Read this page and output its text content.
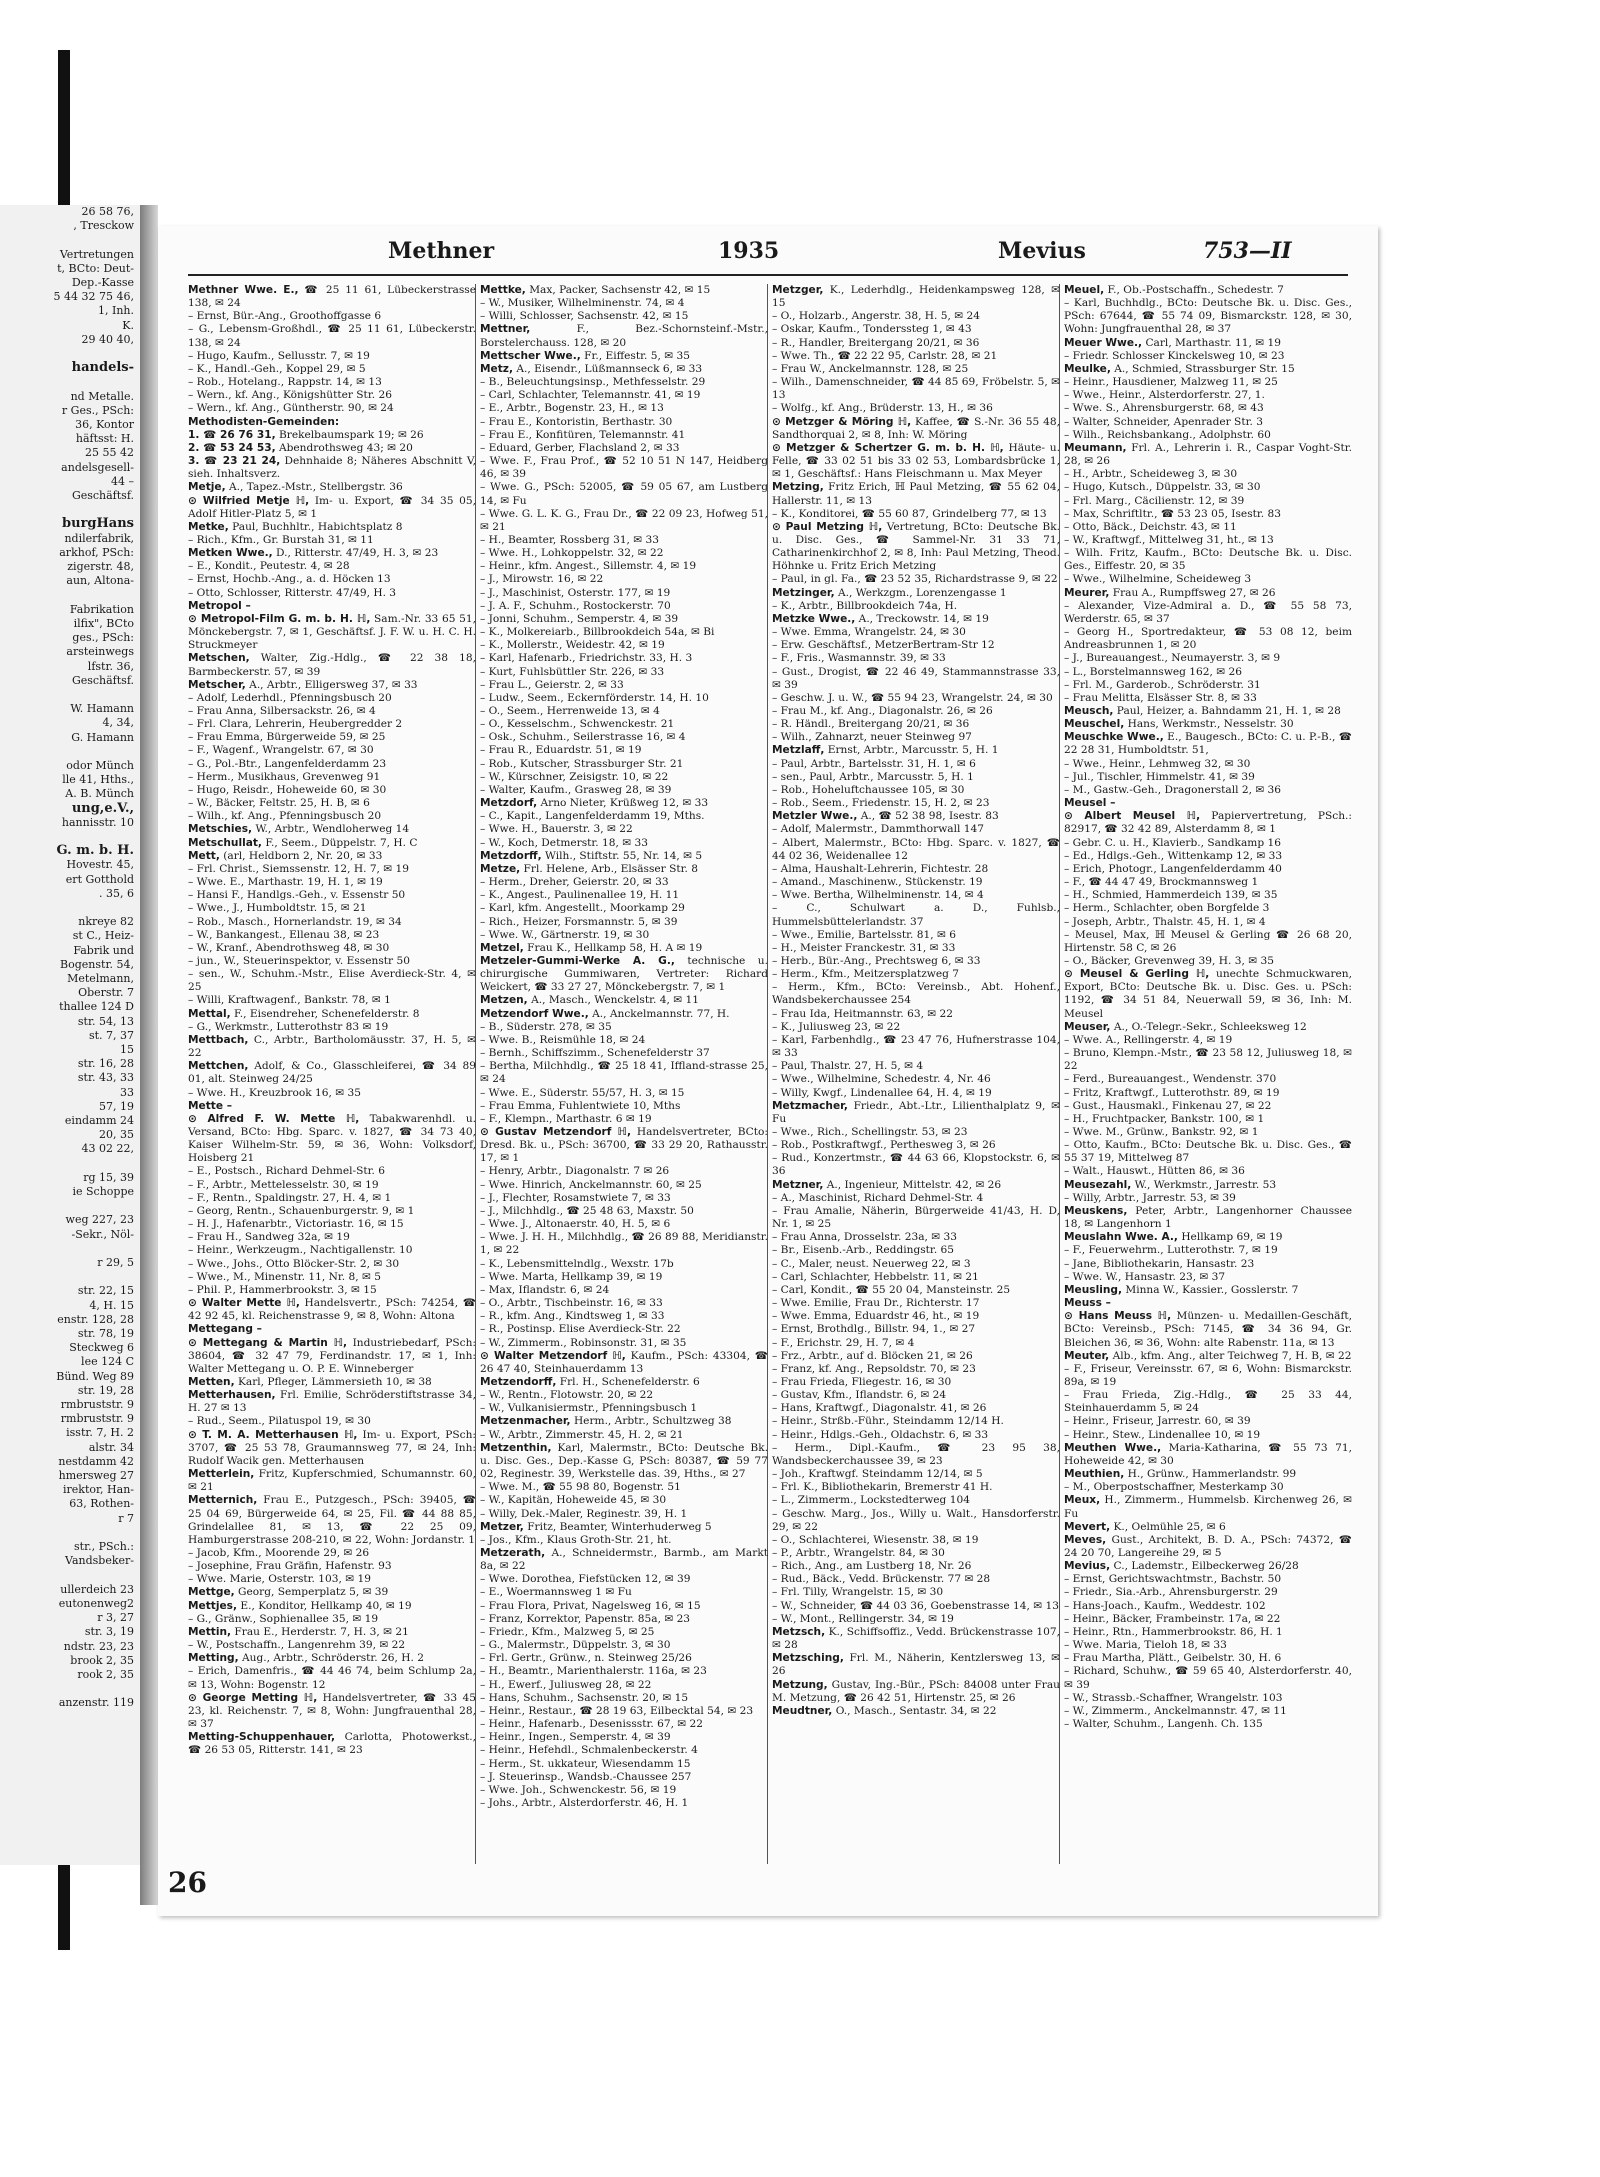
26 58 76,
, Tresckow

Vertretungen
t, BCto: Deut-
Dep.-Kasse
5 44 32 75 46,
1, Inh.
K.
29 40 40,

handels-

nd Metalle.
r Ges., PSch:
36, Kontor
häftsst: H.
25 55 42
andelsgesell-
44 –
Geschäftsf.

burgHans
ndilerfabrik,
arkhof, PSch:
zigerstr. 48,
aun, Altona-

Fabrikation
ilfix", BCto
ges., PSch:
arsteinwegs
lfstr. 36,
Geschäftsf.

W. Hamann
4, 34,
G. Hamann

odor Münch
lle 41, Hths.,
A. B. Münch
ung,e.V.,
hannisstr. 10

G. m. b. H.
Hovestr. 45,
ert Gotthold
. 35, 6

nkreye 82
st C., Heiz-
Fabrik und
Bogenstr. 54,
Metelmann,
Oberstr. 7
thallee 124 D
str. 54, 13
st. 7, 37
15
str. 16, 28
str. 43, 33
33
57, 19
eindamm 24
20, 35
43 02 22,

rg 15, 39
ie Schoppe

weg 227, 23
-Sekr., Nöl-

r 29, 5

str. 22, 15
4, H. 15
enstr. 128, 28
str. 78, 19
Steckweg 6
lee 124 C
Bünd. Weg 89
str. 19, 28
rmbruststr. 9
rmbruststr. 9
isstr. 7, H. 2
alstr. 34
nestdamm 42
hmersweg 27
irektor, Han-
63, Rothen-
r 7

str., PSch.:
Vandsbeker-

ullerdeich 23
eutonenweg2
r 3, 27
str. 3, 19
ndstr. 23, 23
brook 2, 35
rook 2, 35

anzenstr. 119
Methner	1935	Mevius	753—II

Methner Wwe. E., ☎ 25 11 61, Lübeckerstrasse 138, ✉ 24

– Ernst, Bür.-Ang., Groothoffgasse 6

– G., Lebensm-Großhdl., ☎ 25 11 61, Lübeckerstr. 138, ✉ 24

– Hugo, Kaufm., Sellusstr. 7, ✉ 19

– K., Handl.-Geh., Koppel 29, ✉ 5

– Rob., Hotelang., Rappstr. 14, ✉ 13

– Wern., kf. Ang., Königshütter Str. 26

– Wern., kf. Ang., Güntherstr. 90, ✉ 24

Methodisten-Gemeinden:

1. ☎ 26 76 31, Brekelbaumspark 19; ✉ 26

2. ☎ 53 24 53, Abendrothsweg 43; ✉ 20

3. ☎ 23 21 24, Dehnhaide 8; Näheres Abschnitt V, sieh. Inhaltsverz.

Metje, A., Tapez.-Mstr., Stellbergstr. 36

⊙ Wilfried Metje ℍ, Im- u. Export, ☎ 34 35 05, Adolf Hitler-Platz 5, ✉ 1

Metke, Paul, Buchhltr., Habichtsplatz 8

– Rich., Kfm., Gr. Burstah 31, ✉ 11

Metken Wwe., D., Ritterstr. 47/49, H. 3, ✉ 23

– E., Kondit., Peutestr. 4, ✉ 28

– Ernst, Hochb.-Ang., a. d. Höcken 13

– Otto, Schlosser, Ritterstr. 47/49, H. 3

Metropol –

⊙ Metropol-Film G. m. b. H. ℍ, Sam.-Nr. 33 65 51, Mönckebergstr. 7, ✉ 1, Geschäftsf. J. F. W. u. H. C. H. Struckmeyer

Metschen, Walter, Zig.-Hdlg., ☎ 22 38 18, Barmbeckerstr. 57, ✉ 39

Metscher, A., Arbtr., Elligersweg 37, ✉ 33

– Adolf, Lederhdl., Pfenningsbusch 20

– Frau Anna, Silbersackstr. 26, ✉ 4

– Frl. Clara, Lehrerin, Heubergredder 2

– Frau Emma, Bürgerweide 59, ✉ 25

– F., Wagenf., Wrangelstr. 67, ✉ 30

– G., Pol.-Btr., Langenfelderdamm 23

– Herm., Musikhaus, Grevenweg 91

– Hugo, Reisdr., Hoheweide 60, ✉ 30

– W., Bäcker, Feltstr. 25, H. B, ✉ 6

– Wilh., kf. Ang., Pfenningsbusch 20

Metschies, W., Arbtr., Wendloherweg 14

Metschullat, F., Seem., Düppelstr. 7, H. C

Mett, (arl, Heldborn 2, Nr. 20, ✉ 33

– Frl. Christ., Siemssenstr. 12, H. 7, ✉ 19

– Wwe. E., Marthastr. 19, H. 1, ✉ 19

– Hansi F., Handlgs.-Geh., v. Essenstr 50

– Wwe., J., Humboldtstr. 15, ✉ 21

– Rob., Masch., Hornerlandstr. 19, ✉ 34

– W., Bankangest., Ellenau 38, ✉ 23

– W., Kranf., Abendrothsweg 48, ✉ 30

– jun., W., Steuerinspektor, v. Essenstr 50

– sen., W., Schuhm.-Mstr., Elise Averdieck-Str. 4, ✉ 25

– Willi, Kraftwagenf., Bankstr. 78, ✉ 1

Mettal, F., Eisendreher, Schenefelderstr. 8

– G., Werkmstr., Lutterothstr 83 ✉ 19

Mettbach, C., Arbtr., Bartholomäusstr. 37, H. 5, ✉ 22

Mettchen, Adolf, & Co., Glasschleiferei, ☎ 34 89 01, alt. Steinweg 24/25

– Wwe. H., Kreuzbrook 16, ✉ 35

Mette –

⊙ Alfred F. W. Mette ℍ, Tabakwarenhdl. u. Versand, BCto: Hbg. Sparc. v. 1827, ☎ 34 73 40, Kaiser Wilhelm-Str. 59, ✉ 36, Wohn: Volksdorf, Hoisberg 21

– E., Postsch., Richard Dehmel-Str. 6

– F., Arbtr., Mettelesselstr. 30, ✉ 19

– F., Rentn., Spaldingstr. 27, H. 4, ✉ 1

– Georg, Rentn., Schauenburgerstr. 9, ✉ 1

– H. J., Hafenarbtr., Victoriastr. 16, ✉ 15

– Frau H., Sandweg 32a, ✉ 19

– Heinr., Werkzeugm., Nachtigallenstr. 10

– Wwe., Johs., Otto Blöcker-Str. 2, ✉ 30

– Wwe., M., Minenstr. 11, Nr. 8, ✉ 5

– Phil. P., Hammerbrookstr. 3, ✉ 15

⊙ Walter Mette ℍ, Handelsvertr., PSch: 74254, ☎ 42 92 45, kl. Reichenstrasse 9, ✉ 8, Wohn: Altona

Mettegang –

⊙ Mettegang & Martin ℍ, Industriebedarf, PSch: 38604, ☎ 32 47 79, Ferdinandstr. 17, ✉ 1, Inh: Walter Mettegang u. O. P. E. Winneberger

Metten, Karl, Pfleger, Lämmersieth 10, ✉ 38

Metterhausen, Frl. Emilie, Schröderstiftstrasse 34, H. 27 ✉ 13

– Rud., Seem., Pilatuspol 19, ✉ 30

⊙ T. M. A. Metterhausen ℍ, Im- u. Export, PSch: 3707, ☎ 25 53 78, Graumannsweg 77, ✉ 24, Inh: Rudolf Wacik gen. Metterhausen

Metterlein, Fritz, Kupferschmied, Schumannstr. 60, ✉ 21

Metternich, Frau E., Putzgesch., PSch: 39405, ☎ 25 04 69, Bürgerweide 64, ✉ 25, Fil. ☎ 44 88 85, Grindelallee 81, ✉ 13, ☎ 22 25 09, Hamburgerstrasse 208-210, ✉ 22, Wohn: Jordanstr. 1

– Jacob, Kfm., Moorende 29, ✉ 26

– Josephine, Frau Gräfin, Hafenstr. 93

– Wwe. Marie, Osterstr. 103, ✉ 19

Mettge, Georg, Semperplatz 5, ✉ 39

Mettjes, E., Konditor, Hellkamp 40, ✉ 19

– G., Gränw., Sophienallee 35, ✉ 19

Mettin, Frau E., Herderstr. 7, H. 3, ✉ 21

– W., Postschaffn., Langenrehm 39, ✉ 22

Metting, Aug., Arbtr., Schröderstr. 26, H. 2

– Erich, Damenfris., ☎ 44 46 74, beim Schlump 2a, ✉ 13, Wohn: Bogenstr. 12

⊙ George Metting ℍ, Handelsvertreter, ☎ 33 45 23, kl. Reichenstr. 7, ✉ 8, Wohn: Jungfrauenthal 28, ✉ 37

Metting-Schuppenhauer, Carlotta, Photowerkst., ☎ 26 53 05, Ritterstr. 141, ✉ 23

Mettke, Max, Packer, Sachsenstr 42, ✉ 15

– W., Musiker, Wilhelminenstr. 74, ✉ 4

– Willi, Schlosser, Sachsenstr. 42, ✉ 15

Mettner, F., Bez.-Schornsteinf.-Mstr., Borstelerchauss. 128, ✉ 20

Mettscher Wwe., Fr., Eiffestr. 5, ✉ 35

Metz, A., Eisendr., Lüßmannseck 6, ✉ 33

– B., Beleuchtungsinsp., Methfesselstr. 29

– Carl, Schlachter, Telemannstr. 41, ✉ 19

– E., Arbtr., Bogenstr. 23, H., ✉ 13

– Frau E., Kontoristin, Berthastr. 30

– Frau E., Konfitüren, Telemannstr. 41

– Eduard, Gerber, Flachsland 2, ✉ 33

– Wwe. F., Frau Prof., ☎ 52 10 51 N 147, Heidberg 46, ✉ 39

– Wwe. G., PSch: 52005, ☎ 59 05 67, am Lustberg 14, ✉ Fu

– Wwe. G. L. K. G., Frau Dr., ☎ 22 09 23, Hofweg 51, ✉ 21

– H., Beamter, Rossberg 31, ✉ 33

– Wwe. H., Lohkoppelstr. 32, ✉ 22

– Heinr., kfm. Angest., Sillemstr. 4, ✉ 19

– J., Mirowstr. 16, ✉ 22

– J., Maschinist, Osterstr. 177, ✉ 19

– J. A. F., Schuhm., Rostockerstr. 70

– Jonni, Schuhm., Semperstr. 4, ✉ 39

– K., Molkereiarb., Billbrookdeich 54a, ✉ Bi

– K., Mollerstr., Weidestr. 42, ✉ 19

– Karl, Hafenarb., Friedrichstr. 33, H. 3

– Kurt, Fuhlsbüttler Str. 226, ✉ 33

– Frau L., Geierstr. 2, ✉ 33

– Ludw., Seem., Eckernförderstr. 14, H. 10

– O., Seem., Herrenweide 13, ✉ 4

– O., Kesselschm., Schwenckestr. 21

– Osk., Schuhm., Seilerstrasse 16, ✉ 4

– Frau R., Eduardstr. 51, ✉ 19

– Rob., Kutscher, Strassburger Str. 21

– W., Kürschner, Zeisigstr. 10, ✉ 22

– Walter, Kaufm., Grasweg 28, ✉ 39

Metzdorf, Arno Nieter, Krüßweg 12, ✉ 33

– C., Kapit., Langenfelderdamm 19, Mths.

– Wwe. H., Bauerstr. 3, ✉ 22

– W., Koch, Detmerstr. 18, ✉ 33

Metzdorff, Wilh., Stiftstr. 55, Nr. 14, ✉ 5

Metze, Frl. Helene, Arb., Elsässer Str. 8

– Herm., Dreher, Geierstr. 20, ✉ 33

– K., Angest., Paulinenallee 19, H. 11

– Karl, kfm. Angestellt., Moorkamp 29

– Rich., Heizer, Forsmannstr. 5, ✉ 39

– Wwe. W., Gärtnerstr. 19, ✉ 30

Metzel, Frau K., Hellkamp 58, H. A ✉ 19

Metzeler-Gummi-Werke A. G., technische u. chirurgische Gummiwaren, Vertreter: Richard Weickert, ☎ 33 27 27, Mönckebergstr. 7, ✉ 1

Metzen, A., Masch., Wenckelstr. 4, ✉ 11

Metzendorf Wwe., A., Anckelmannstr. 77, H.

– B., Süderstr. 278, ✉ 35

– Wwe. B., Reismühle 18, ✉ 24

– Bernh., Schiffszimm., Schenefelderstr 37

– Bertha, Milchhdlg., ☎ 25 18 41, Iffland-strasse 25, ✉ 24

– Wwe. E., Süderstr. 55/57, H. 3, ✉ 15

– Frau Emma, Fuhlentwiete 10, Mths

– F., Klempn., Marthastr. 6 ✉ 19

⊙ Gustav Metzendorf ℍ, Handelsvertreter, BCto: Dresd. Bk. u., PSch: 36700, ☎ 33 29 20, Rathausstr. 17, ✉ 1

– Henry, Arbtr., Diagonalstr. 7 ✉ 26

– Wwe. Hinrich, Anckelmannstr. 60, ✉ 25

– J., Flechter, Rosamstwiete 7, ✉ 33

– J., Milchhdlg., ☎ 25 48 63, Maxstr. 50

– Wwe. J., Altonaerstr. 40, H. 5, ✉ 6

– Wwe. J. H. H., Milchhdlg., ☎ 26 89 88, Meridianstr. 1, ✉ 22

– K., Lebensmittelndlg., Wexstr. 17b

– Wwe. Marta, Hellkamp 39, ✉ 19

– Max, Iflandstr. 6, ✉ 24

– O., Arbtr., Tischbeinstr. 16, ✉ 33

– R., kfm. Ang., Kindtsweg 1, ✉ 33

– R., Postinsp. Elise Averdieck-Str. 22

– W., Zimmerm., Robinsonstr. 31, ✉ 35

⊙ Walter Metzendorf ℍ, Kaufm., PSch: 43304, ☎ 26 47 40, Steinhauerdamm 13

Metzendorff, Frl. H., Schenefelderstr. 6

– W., Rentn., Flotowstr. 20, ✉ 22

– W., Vulkanisiermstr., Pfenningsbusch 1

Metzenmacher, Herm., Arbtr., Schultzweg 38

– W., Arbtr., Zimmerstr. 45, H. 2, ✉ 21

Metzenthin, Karl, Malermstr., BCto: Deutsche Bk. u. Disc. Ges., Dep.-Kasse G, PSch: 80387, ☎ 59 77 02, Reginestr. 39, Werkstelle das. 39, Hths., ✉ 27

– Wwe. M., ☎ 55 98 80, Bogenstr. 51

– W., Kapitän, Hoheweide 45, ✉ 30

– Willy, Dek.-Maler, Reginestr. 39, H. 1

Metzer, Fritz, Beamter, Winterhuderweg 5

– Jos., Kfm., Klaus Groth-Str. 21, ht.

Metzerath, A., Schneidermstr., Barmb., am Markt 8a, ✉ 22

– Wwe. Dorothea, Fiefstücken 12, ✉ 39

– E., Woermannsweg 1 ✉ Fu

– Frau Flora, Privat, Nagelsweg 16, ✉ 15

– Franz, Korrektor, Papenstr. 85a, ✉ 23

– Friedr., Kfm., Malzweg 5, ✉ 25

– G., Malermstr., Düppelstr. 3, ✉ 30

– Frl. Gertr., Grünw., n. Steinweg 25/26

– H., Beamtr., Marienthalerstr. 116a, ✉ 23

– H., Ewerf., Juliusweg 28, ✉ 22

– Hans, Schuhm., Sachsenstr. 20, ✉ 15

– Heinr., Restaur., ☎ 28 19 63, Eilbecktal 54, ✉ 23

– Heinr., Hafenarb., Desenissstr. 67, ✉ 22

– Heinr., Ingen., Semperstr. 4, ✉ 39

– Heinr., Hefehdl., Schmalenbeckerstr. 4

– Herm., St. ukkateur, Wiesendamm 15

– J. Steuerinsp., Wandsb.-Chaussee 257

– Wwe. Joh., Schwenckestr. 56, ✉ 19

– Johs., Arbtr., Alsterdorferstr. 46, H. 1

Metzger, K., Lederhdlg., Heidenkampsweg 128, ✉ 15

– O., Holzarb., Angerstr. 38, H. 5, ✉ 24

– Oskar, Kaufm., Tonderssteg 1, ✉ 43

– R., Handler, Breitergang 20/21, ✉ 36

– Wwe. Th., ☎ 22 22 95, Carlstr. 28, ✉ 21

– Frau W., Anckelmannstr. 128, ✉ 25

– Wilh., Damenschneider, ☎ 44 85 69, Fröbelstr. 5, ✉ 13

– Wolfg., kf. Ang., Brüderstr. 13, H., ✉ 36

⊙ Metzger & Möring ℍ, Kaffee, ☎ S.-Nr. 36 55 48, Sandthorquai 2, ✉ 8, Inh: W. Möring

⊙ Metzger & Schertzer G. m. b. H. ℍ, Häute- u. Felle, ☎ 33 02 51 bis 33 02 53, Lombardsbrücke 1, ✉ 1, Geschäftsf.: Hans Fleischmann u. Max Meyer

Metzing, Fritz Erich, ℍ Paul Metzing, ☎ 55 62 04, Hallerstr. 11, ✉ 13

– K., Konditorei, ☎ 55 60 87, Grindelberg 77, ✉ 13

⊙ Paul Metzing ℍ, Vertretung, BCto: Deutsche Bk. u. Disc. Ges., ☎ Sammel-Nr. 31 33 71, Catharinenkirchhof 2, ✉ 8, Inh: Paul Metzing, Theod. Höhnke u. Fritz Erich Metzing

– Paul, in gl. Fa., ☎ 23 52 35, Richardstrasse 9, ✉ 22

Metzinger, A., Werkzgm., Lorenzengasse 1

– K., Arbtr., Billbrookdeich 74a, H.

Metzke Wwe., A., Treckowstr. 14, ✉ 19

– Wwe. Emma, Wrangelstr. 24, ✉ 30

– Erw. Geschäftsf., MetzerBertram-Str 12

– F., Fris., Wasmannstr. 39, ✉ 33

– Gust., Drogist, ☎ 22 46 49, Stammannstrasse 33, ✉ 39

– Geschw. J. u. W., ☎ 55 94 23, Wrangelstr. 24, ✉ 30

– Frau M., kf. Ang., Diagonalstr. 26, ✉ 26

– R. Händl., Breitergang 20/21, ✉ 36

– Wilh., Zahnarzt, neuer Steinweg 97

Metzlaff, Ernst, Arbtr., Marcusstr. 5, H. 1

– Paul, Arbtr., Bartelsstr. 31, H. 1, ✉ 6

– sen., Paul, Arbtr., Marcusstr. 5, H. 1

– Rob., Hoheluftchaussee 105, ✉ 30

– Rob., Seem., Friedenstr. 15, H. 2, ✉ 23

Metzler Wwe., A., ☎ 52 38 98, Isestr. 83

– Adolf, Malermstr., Dammthorwall 147

– Albert, Malermstr., BCto: Hbg. Sparc. v. 1827, ☎ 44 02 36, Weidenallee 12

– Alma, Haushalt-Lehrerin, Fichtestr. 28

– Amand., Maschinenw., Stückenstr. 19

– Wwe. Bertha, Wilhelminenstr. 14, ✉ 4

– C., Schulwart a. D., Fuhlsb., Hummelsbüttelerlandstr. 37

– Wwe., Emilie, Bartelsstr. 81, ✉ 6

– H., Meister Franckestr. 31, ✉ 33

– Herb., Bür.-Ang., Prechtsweg 6, ✉ 33

– Herm., Kfm., Meitzersplatzweg 7

– Herm., Kfm., BCto: Vereinsb., Abt. Hohenf., Wandsbekerchaussee 254

– Frau Ida, Heitmannstr. 63, ✉ 22

– K., Juliusweg 23, ✉ 22

– Karl, Farbenhdlg., ☎ 23 47 76, Hufnerstrasse 104, ✉ 33

– Paul, Thalstr. 27, H. 5, ✉ 4

– Wwe., Wilhelmine, Schedestr. 4, Nr. 46

– Willy, Kwgf., Lindenallee 64, H. 4, ✉ 19

Metzmacher, Friedr., Abt.-Ltr., Lilienthalplatz 9, ✉ Fu

– Wwe., Rich., Schellingstr. 53, ✉ 23

– Rob., Postkraftwgf., Perthesweg 3, ✉ 26

– Rud., Konzertmstr., ☎ 44 63 66, Klopstockstr. 6, ✉ 36

Metzner, A., Ingenieur, Mittelstr. 42, ✉ 26

– A., Maschinist, Richard Dehmel-Str. 4

– Frau Amalie, Näherin, Bürgerweide 41/43, H. D, Nr. 1, ✉ 25

– Frau Anna, Drosselstr. 23a, ✉ 33

– Br., Eisenb.-Arb., Reddingstr. 65

– C., Maler, neust. Neuerweg 22, ✉ 3

– Carl, Schlachter, Hebbelstr. 11, ✉ 21

– Carl, Kondit., ☎ 55 20 04, Mansteinstr. 25

– Wwe. Emilie, Frau Dr., Richterstr. 17

– Wwe. Emma, Eduardstr 46, ht., ✉ 19

– Ernst, Brothdlg., Billstr. 94, 1., ✉ 27

– F., Erichstr. 29, H. 7, ✉ 4

– Frz., Arbtr., auf d. Blöcken 21, ✉ 26

– Franz, kf. Ang., Repsoldstr. 70, ✉ 23

– Frau Frieda, Fliegestr. 16, ✉ 30

– Gustav, Kfm., Iflandstr. 6, ✉ 24

– Hans, Kraftwgf., Diagonalstr. 41, ✉ 26

– Heinr., Strßb.-Führ., Steindamm 12/14 H.

– Heinr., Hdlgs.-Geh., Oldachstr. 6, ✉ 33

– Herm., Dipl.-Kaufm., ☎ 23 95 38, Wandsbeckerchaussee 39, ✉ 23

– Joh., Kraftwgf. Steindamm 12/14, ✉ 5

– Frl. K., Bibliothekarin, Bremerstr 41 H.

– L., Zimmerm., Lockstedterweg 104

– Geschw. Marg., Jos., Willy u. Walt., Hansdorferstr. 29, ✉ 22

– O., Schlachterei, Wiesenstr. 38, ✉ 19

– P., Arbtr., Wrangelstr. 84, ✉ 30

– Rich., Ang., am Lustberg 18, Nr. 26

– Rud., Bäck., Vedd. Brückenstr. 77 ✉ 28

– Frl. Tilly, Wrangelstr. 15, ✉ 30

– W., Schneider, ☎ 44 03 36, Goebenstrasse 14, ✉ 13

– W., Mont., Rellingerstr. 34, ✉ 19

Metzsch, K., Schiffsoffiz., Vedd. Brückenstrasse 107, ✉ 28

Metzsching, Frl. M., Näherin, Kentzlersweg 13, ✉ 26

Metzung, Gustav, Ing.-Bür., PSch: 84008 unter Frau M. Metzung, ☎ 26 42 51, Hirtenstr. 25, ✉ 26

Meudtner, O., Masch., Sentastr. 34, ✉ 22

Meuel, F., Ob.-Postschaffn., Schedestr. 7

– Karl, Buchhdlg., BCto: Deutsche Bk. u. Disc. Ges., PSch: 67644, ☎ 55 74 09, Bismarckstr. 128, ✉ 30, Wohn: Jungfrauenthal 28, ✉ 37

Meuer Wwe., Carl, Marthastr. 11, ✉ 19

– Friedr. Schlosser Kinckelsweg 10, ✉ 23

Meulke, A., Schmied, Strassburger Str. 15

– Heinr., Hausdiener, Malzweg 11, ✉ 25

– Wwe., Heinr., Alsterdorferstr. 27, 1.

– Wwe. S., Ahrensburgerstr. 68, ✉ 43

– Walter, Schneider, Apenrader Str. 3

– Wilh., Reichsbankang., Adolphstr. 60

Meumann, Frl. A., Lehrerin i. R., Caspar Voght-Str. 28, ✉ 26

– H., Arbtr., Scheideweg 3, ✉ 30

– Hugo, Kutsch., Düppelstr. 33, ✉ 30

– Frl. Marg., Cäcilienstr. 12, ✉ 39

– Max, Schriftltr., ☎ 53 23 05, Isestr. 83

– Otto, Bäck., Deichstr. 43, ✉ 11

– W., Kraftwgf., Mittelweg 31, ht., ✉ 13

– Wilh. Fritz, Kaufm., BCto: Deutsche Bk. u. Disc. Ges., Eiffestr. 20, ✉ 35

– Wwe., Wilhelmine, Scheideweg 3

Meurer, Frau A., Rumpffsweg 27, ✉ 26

– Alexander, Vize-Admiral a. D., ☎ 55 58 73, Werderstr. 65, ✉ 37

– Georg H., Sportredakteur, ☎ 53 08 12, beim Andreasbrunnen 1, ✉ 20

– J., Bureauangest., Neumayerstr. 3, ✉ 9

– L., Borstelmannsweg 162, ✉ 26

– Frl. M., Garderob., Schröderstr. 31

– Frau Melitta, Elsässer Str. 8, ✉ 33

Meusch, Paul, Heizer, a. Bahndamm 21, H. 1, ✉ 28

Meuschel, Hans, Werkmstr., Nesselstr. 30

Meuschke Wwe., E., Baugesch., BCto: C. u. P.-B., ☎ 22 28 31, Humboldtstr. 51,

– Wwe., Heinr., Lehmweg 32, ✉ 30

– Jul., Tischler, Himmelstr. 41, ✉ 39

– M., Gastw.-Geh., Dragonerstall 2, ✉ 36

Meusel –

⊙ Albert Meusel ℍ, Papiervertretung, PSch.: 82917, ☎ 32 42 89, Alsterdamm 8, ✉ 1

– Gebr. C. u. H., Klavierb., Sandkamp 16

– Ed., Hdlgs.-Geh., Wittenkamp 12, ✉ 33

– Erich, Photogr., Langenfelderdamm 40

– F., ☎ 44 47 49, Brockmannsweg 1

– H., Schmied, Hammerdeich 139, ✉ 35

– Herm., Schlachter, oben Borgfelde 3

– Joseph, Arbtr., Thalstr. 45, H. 1, ✉ 4

– Meusel, Max, ℍ Meusel & Gerling ☎ 26 68 20, Hirtenstr. 58 C, ✉ 26

– O., Bäcker, Grevenweg 39, H. 3, ✉ 35

⊙ Meusel & Gerling ℍ, unechte Schmuckwaren, Export, BCto: Deutsche Bk. u. Disc. Ges. u. PSch: 1192, ☎ 34 51 84, Neuerwall 59, ✉ 36, Inh: M. Meusel

Meuser, A., O.-Telegr.-Sekr., Schleeksweg 12

– Wwe. A., Rellingerstr. 4, ✉ 19

– Bruno, Klempn.-Mstr., ☎ 23 58 12, Juliusweg 18, ✉ 22

– Ferd., Bureauangest., Wendenstr. 370

– Fritz, Kraftwgf., Lutterothstr. 89, ✉ 19

– Gust., Hausmakl., Finkenau 27, ✉ 22

– H., Fruchtpacker, Bankstr. 100, ✉ 1

– Wwe. M., Grünw., Bankstr. 92, ✉ 1

– Otto, Kaufm., BCto: Deutsche Bk. u. Disc. Ges., ☎ 55 37 19, Mittelweg 87

– Walt., Hauswt., Hütten 86, ✉ 36

Meusezahl, W., Werkmstr., Jarrestr. 53

– Willy, Arbtr., Jarrestr. 53, ✉ 39

Meuskens, Peter, Arbtr., Langenhorner Chaussee 18, ✉ Langenhorn 1

Meuslahn Wwe. A., Hellkamp 69, ✉ 19

– F., Feuerwehrm., Lutterothstr. 7, ✉ 19

– Jane, Bibliothekarin, Hansastr. 23

– Wwe. W., Hansastr. 23, ✉ 37

Meusling, Minna W., Kassier., Gosslerstr. 7

Meuss –

⊙ Hans Meuss ℍ, Münzen- u. Medaillen-Geschäft, BCto: Vereinsb., PSch: 7145, ☎ 34 36 94, Gr. Bleichen 36, ✉ 36, Wohn: alte Rabenstr. 11a, ✉ 13

Meuter, Alb., kfm. Ang., alter Teichweg 7, H. B, ✉ 22

– F., Friseur, Vereinsstr. 67, ✉ 6, Wohn: Bismarckstr. 89a, ✉ 19

– Frau Frieda, Zig.-Hdlg., ☎ 25 33 44, Steinhauerdamm 5, ✉ 24

– Heinr., Friseur, Jarrestr. 60, ✉ 39

– Heinr., Stew., Lindenallee 10, ✉ 19

Meuthen Wwe., Maria-Katharina, ☎ 55 73 71, Hoheweide 42, ✉ 30

Meuthien, H., Grünw., Hammerlandstr. 99

– M., Oberpostschaffner, Mesterkamp 30

Meux, H., Zimmerm., Hummelsb. Kirchenweg 26, ✉ Fu

Mevert, K., Oelmühle 25, ✉ 6

Meves, Gust., Architekt, B. D. A., PSch: 74372, ☎ 24 20 70, Langereihe 29, ✉ 5

Mevius, C., Lademstr., Eilbeckerweg 26/28

– Ernst, Gerichtswachtmstr., Bachstr. 50

– Friedr., Sia.-Arb., Ahrensburgerstr. 29

– Hans-Joach., Kaufm., Weddestr. 102

– Heinr., Bäcker, Frambeinstr. 17a, ✉ 22

– Heinr., Rtn., Hammerbrookstr. 86, H. 1

– Wwe. Maria, Tieloh 18, ✉ 33

– Frau Martha, Plätt., Geibelstr. 30, H. 6

– Richard, Schuhw., ☎ 59 65 40, Alsterdorferstr. 40, ✉ 39

– W., Strassb.-Schaffner, Wrangelstr. 103

– W., Zimmerm., Anckelmannstr. 47, ✉ 11

– Walter, Schuhm., Langenh. Ch. 135

26
